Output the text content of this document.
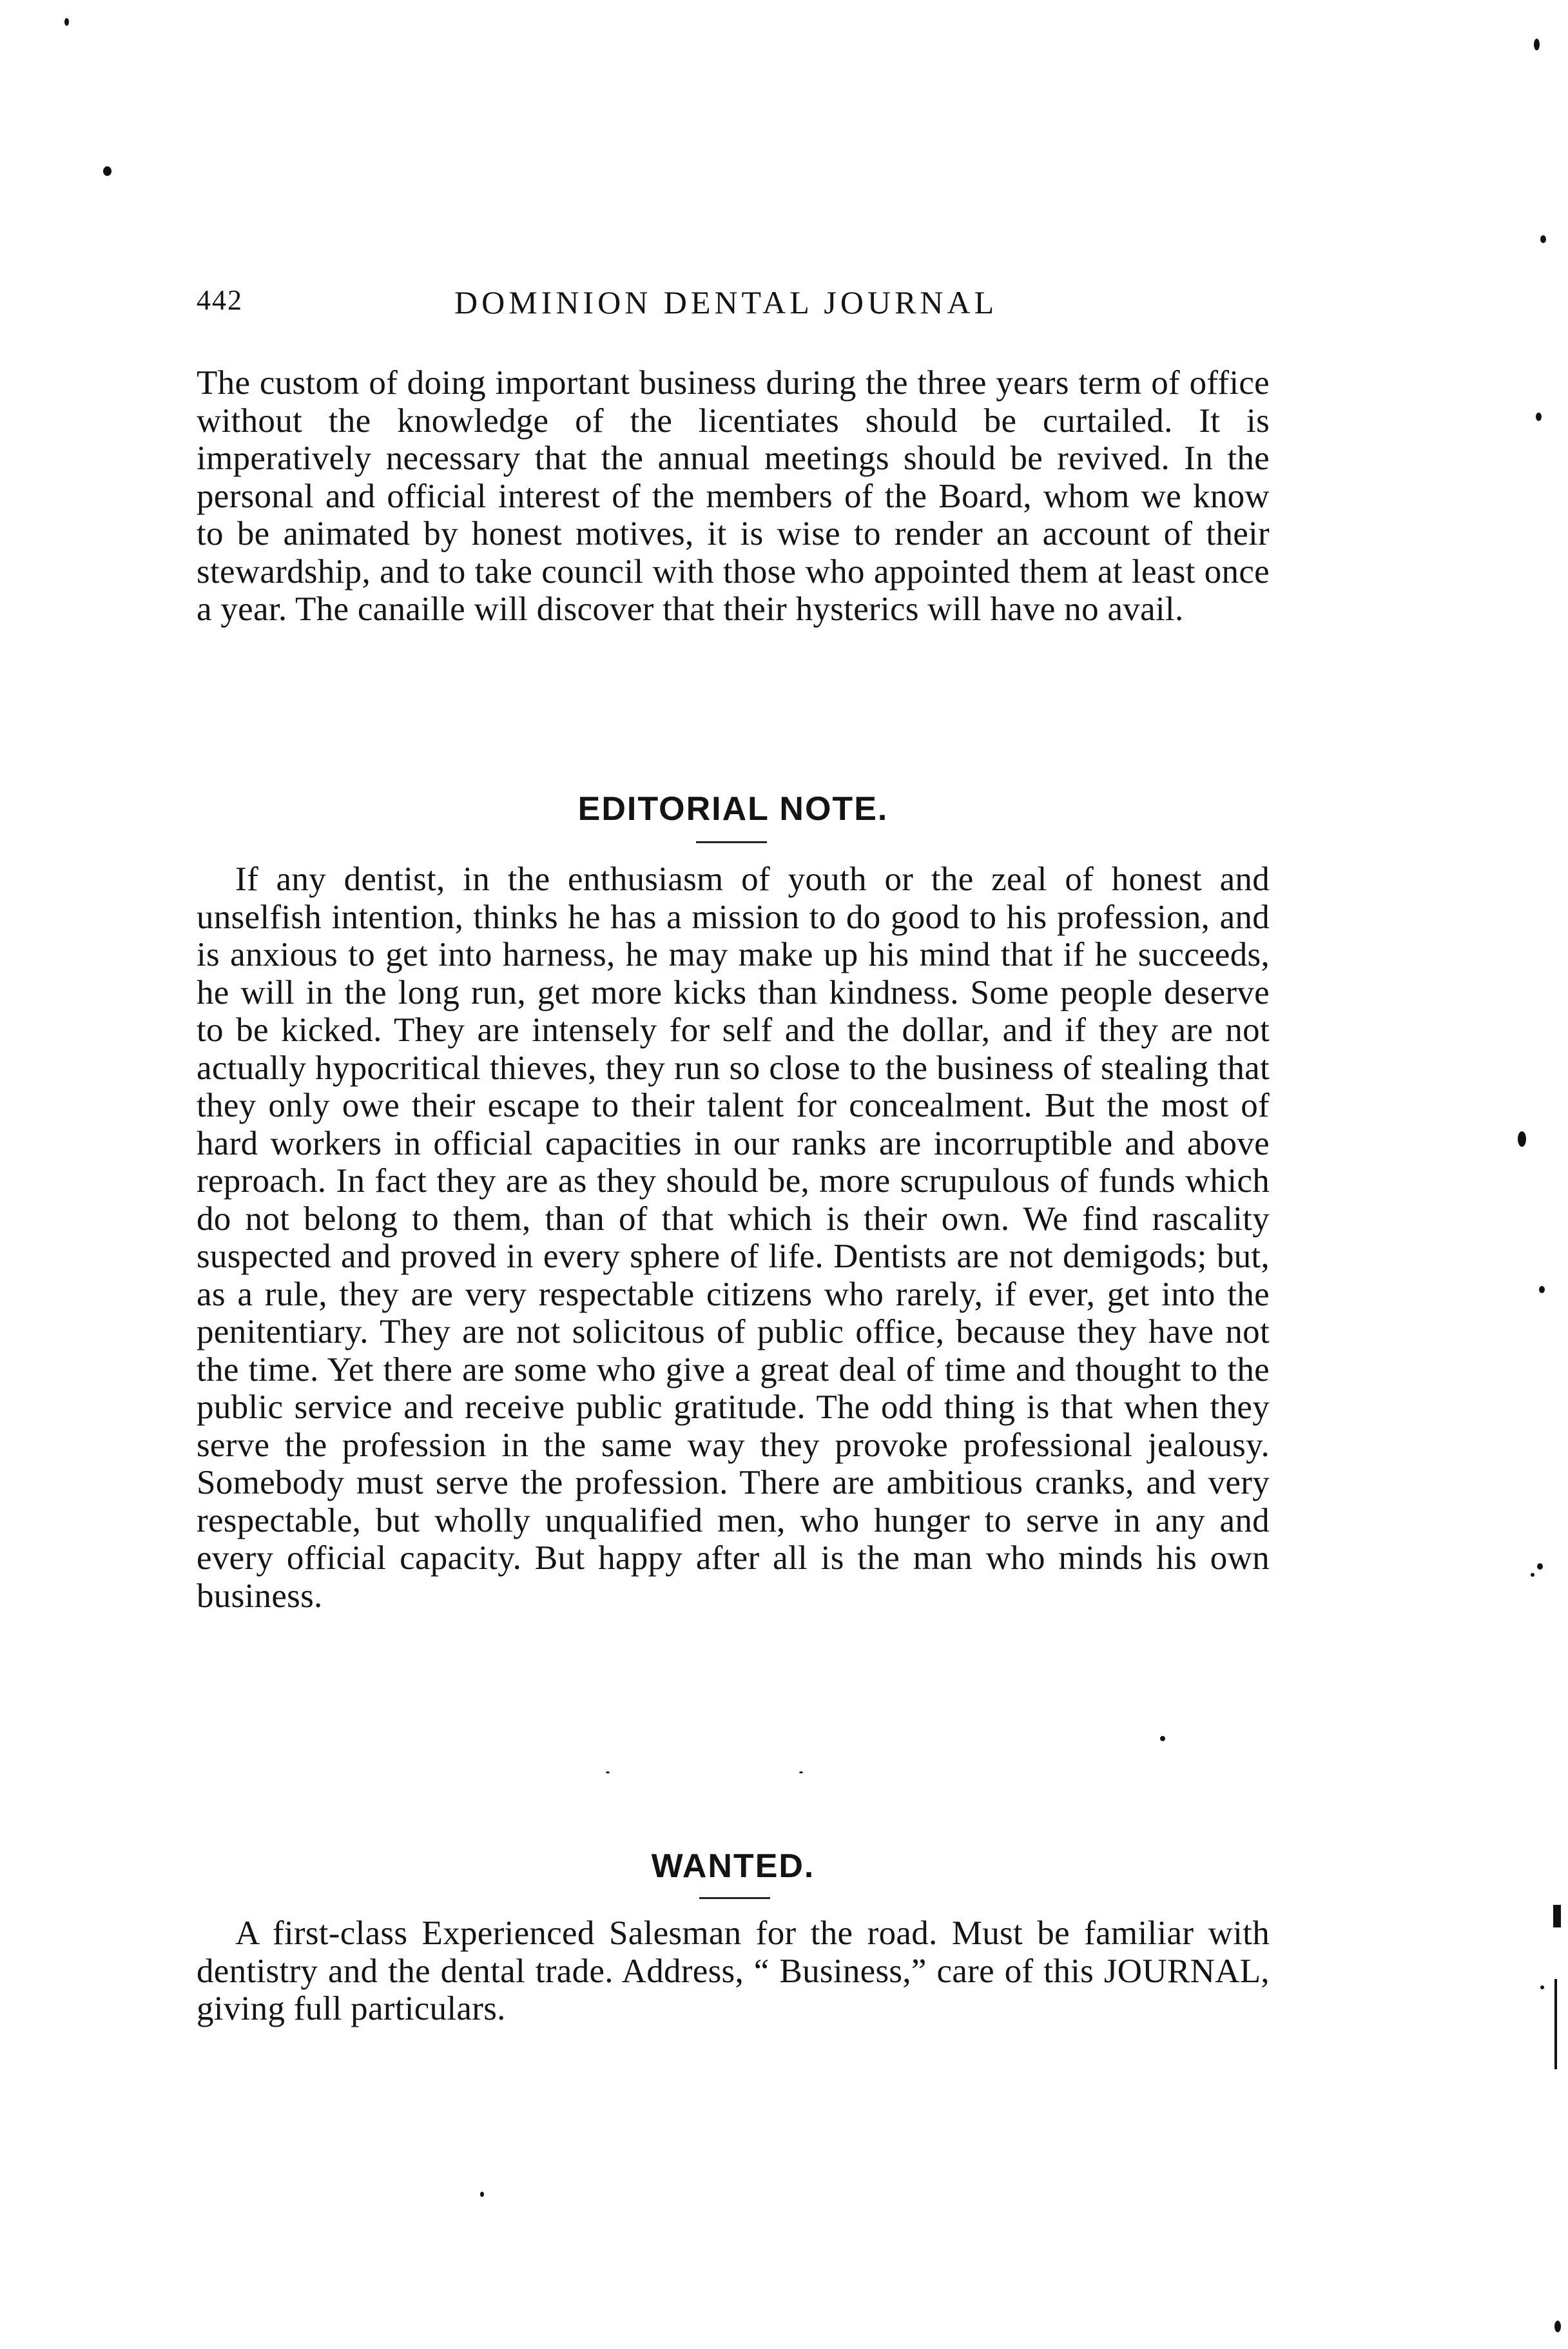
442	DOMINION DENTAL JOURNAL

The custom of doing important business during the three years term of office without the knowledge of the licentiates should be curtailed. It is imperatively necessary that the annual meetings should be revived. In the personal and official interest of the members of the Board, whom we know to be animated by honest motives, it is wise to render an account of their stewardship, and to take council with those who appointed them at least once a year. The canaille will discover that their hysterics will have no avail.

EDITORIAL NOTE.

If any dentist, in the enthusiasm of youth or the zeal of honest and unselfish intention, thinks he has a mission to do good to his profession, and is anxious to get into harness, he may make up his mind that if he succeeds, he will in the long run, get more kicks than kindness. Some people deserve to be kicked. They are intensely for self and the dollar, and if they are not actually hypocritical thieves, they run so close to the business of stealing that they only owe their escape to their talent for concealment. But the most of hard workers in official capacities in our ranks are incorruptible and above reproach. In fact they are as they should be, more scrupulous of funds which do not belong to them, than of that which is their own. We find rascality suspected and proved in every sphere of life. Dentists are not demigods; but, as a rule, they are very respectable citizens who rarely, if ever, get into the penitentiary. They are not solicitous of public office, because they have not the time. Yet there are some who give a great deal of time and thought to the public service and receive public gratitude. The odd thing is that when they serve the profession in the same way they provoke professional jealousy. Somebody must serve the profession. There are ambitious cranks, and very respectable, but wholly unqualified men, who hunger to serve in any and every official capacity. But happy after all is the man who minds his own business.

WANTED.

A first-class Experienced Salesman for the road. Must be familiar with dentistry and the dental trade. Address, “ Business,” care of this JOURNAL, giving full particulars.
